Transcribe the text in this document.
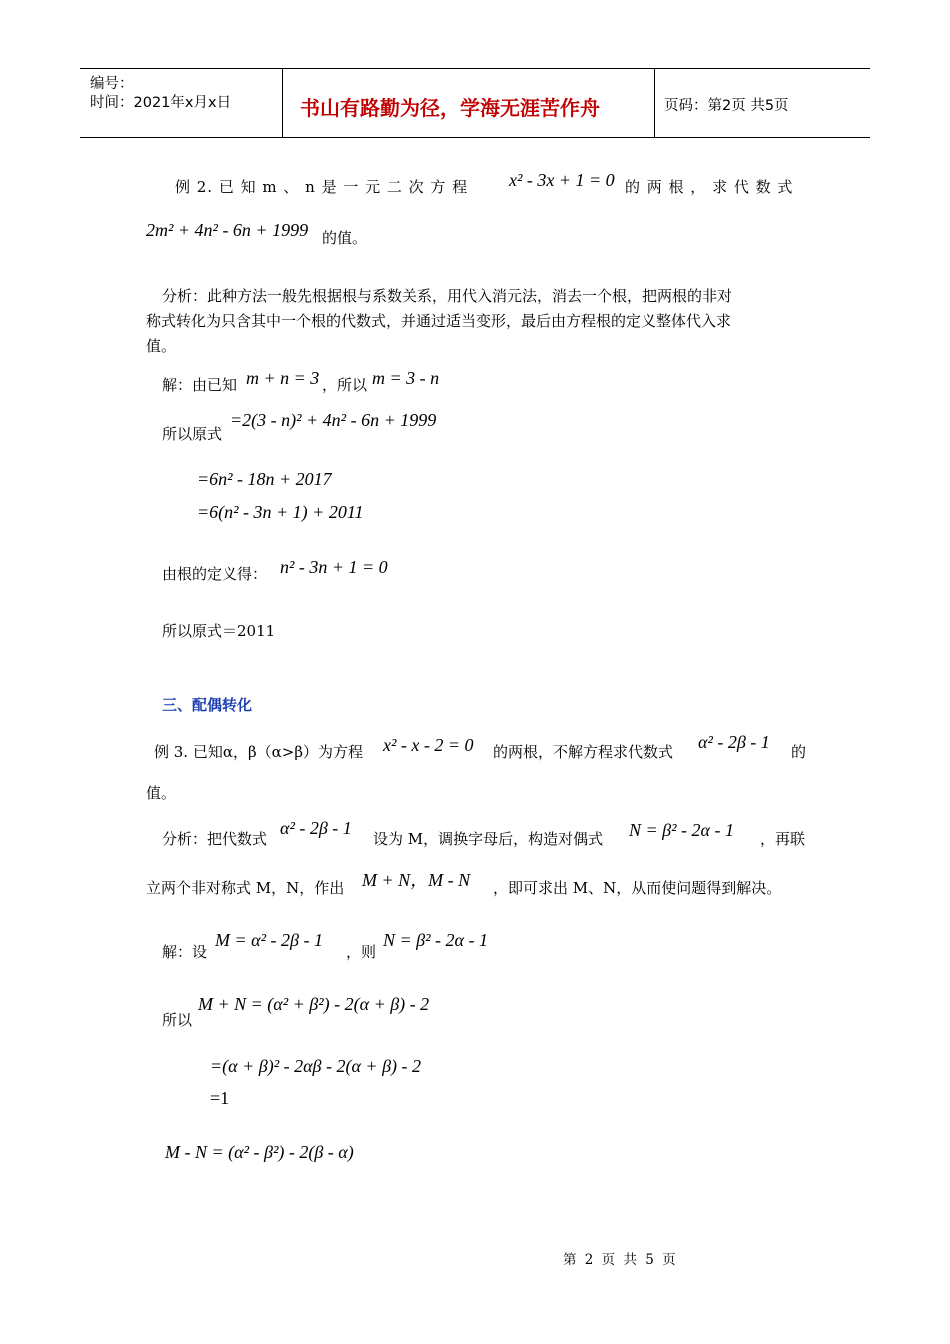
编号：
时间：2021年x月x日	书山有路勤为径，学海无涯苦作舟	页码：第2页 共5页
例 2. 已 知 m 、 n 是 一 元 二 次 方 程 x² - 3x + 1 = 0 的 两 根 ， 求 代 数 式
2m² + 4n² - 6n + 1999 的值。
分析：此种方法一般先根据根与系数关系，用代入消元法，消去一个根，把两根的非对
称式转化为只含其中一个根的代数式，并通过适当变形，最后由方程根的定义整体代入求
值。
解：由已知 m + n = 3 ，所以 m = 3 - n
所以原式
=2(3 - n)² + 4n² - 6n + 1999
=6n² - 18n + 2017
=6(n² - 3n + 1) + 2011
由根的定义得： n² - 3n + 1 = 0
所以原式＝2011
三、配偶转化
例 3. 已知α，β（α>β）为方程 x² - x - 2 = 0 的两根，不解方程求代数式 α² - 2β - 1 的
值。
分析：把代数式
α² - 2β - 1
设为 M，调换字母后，构造对偶式 N = β² - 2α - 1 ，再联
立两个非对称式 M，N，作出 M + N，M - N ，即可求出 M、N，从而使问题得到解决。
解：设
M = α² - 2β - 1
，则
N = β² - 2α - 1
所以
M + N = (α² + β²) - 2(α + β) - 2
=(α + β)² - 2αβ - 2(α + β) - 2
=1
M - N = (α² - β²) - 2(β - α)
第 2 页 共 5 页
